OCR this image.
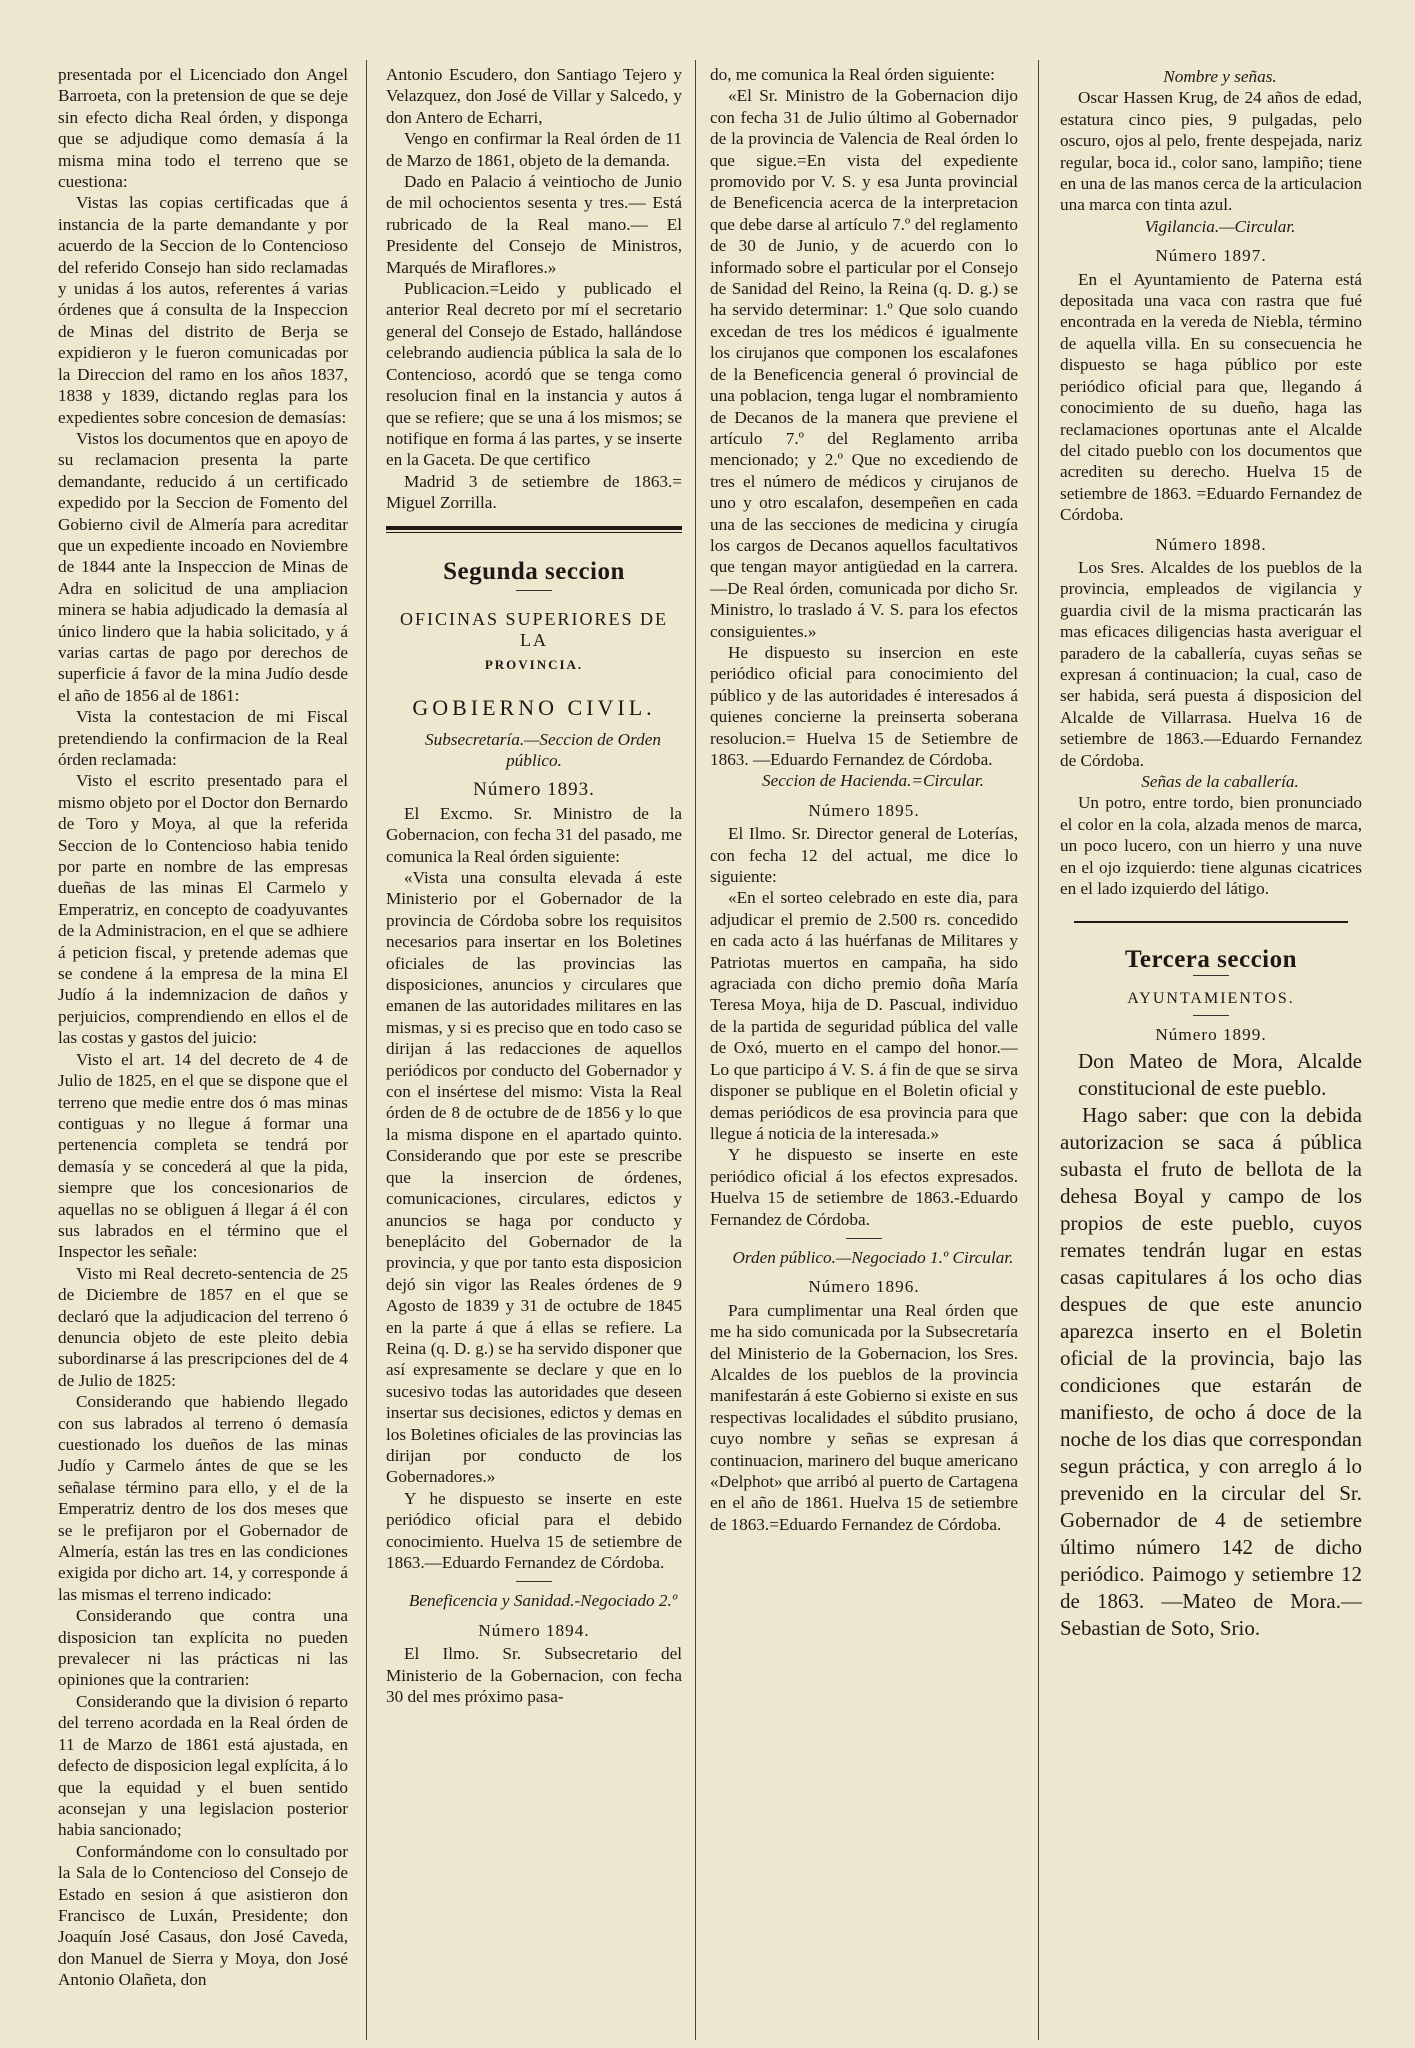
presentada por el Licenciado don Angel Barroeta, con la pretension de que se deje sin efecto dicha Real órden, y disponga que se adjudique como demasía á la misma mina todo el terreno que se cuestiona:

Vistas las copias certificadas que á instancia de la parte demandante y por acuerdo de la Seccion de lo Contencioso del referido Consejo han sido reclamadas y unidas á los autos, referentes á varias órdenes que á consulta de la Inspeccion de Minas del distrito de Berja se expidieron y le fueron comunicadas por la Direccion del ramo en los años 1837, 1838 y 1839, dictando reglas para los expedientes sobre concesion de demasías:

Vistos los documentos que en apoyo de su reclamacion presenta la parte demandante, reducido á un certificado expedido por la Seccion de Fomento del Gobierno civil de Almería para acreditar que un expediente incoado en Noviembre de 1844 ante la Inspeccion de Minas de Adra en solicitud de una ampliacion minera se habia adjudicado la demasía al único lindero que la habia solicitado, y á varias cartas de pago por derechos de superficie á favor de la mina Judío desde el año de 1856 al de 1861:

Vista la contestacion de mi Fiscal pretendiendo la confirmacion de la Real órden reclamada:

Visto el escrito presentado para el mismo objeto por el Doctor don Bernardo de Toro y Moya, al que la referida Seccion de lo Contencioso habia tenido por parte en nombre de las empresas dueñas de las minas El Carmelo y Emperatriz, en concepto de coadyuvantes de la Administracion, en el que se adhiere á peticion fiscal, y pretende ademas que se condene á la empresa de la mina El Judío á la indemnizacion de daños y perjuicios, comprendiendo en ellos el de las costas y gastos del juicio:

Visto el art. 14 del decreto de 4 de Julio de 1825, en el que se dispone que el terreno que medie entre dos ó mas minas contiguas y no llegue á formar una pertenencia completa se tendrá por demasía y se concederá al que la pida, siempre que los concesionarios de aquellas no se obliguen á llegar á él con sus labrados en el término que el Inspector les señale:

Visto mi Real decreto-sentencia de 25 de Diciembre de 1857 en el que se declaró que la adjudicacion del terreno ó denuncia objeto de este pleito debia subordinarse á las prescripciones del de 4 de Julio de 1825:

Considerando que habiendo llegado con sus labrados al terreno ó demasía cuestionado los dueños de las minas Judío y Carmelo ántes de que se les señalase término para ello, y el de la Emperatriz dentro de los dos meses que se le prefijaron por el Gobernador de Almería, están las tres en las condiciones exigida por dicho art. 14, y corresponde á las mismas el terreno indicado:

Considerando que contra una disposicion tan explícita no pueden prevalecer ni las prácticas ni las opiniones que la contrarien:

Considerando que la division ó reparto del terreno acordada en la Real órden de 11 de Marzo de 1861 está ajustada, en defecto de disposicion legal explícita, á lo que la equidad y el buen sentido aconsejan y una legislacion posterior habia sancionado;

Conformándome con lo consultado por la Sala de lo Contencioso del Consejo de Estado en sesion á que asistieron don Francisco de Luxán, Presidente; don Joaquín José Casaus, don José Caveda, don Manuel de Sierra y Moya, don José Antonio Olañeta, don

Antonio Escudero, don Santiago Tejero y Velazquez, don José de Villar y Salcedo, y don Antero de Echarri,

Vengo en confirmar la Real órden de 11 de Marzo de 1861, objeto de la demanda.

Dado en Palacio á veintiocho de Junio de mil ochocientos sesenta y tres.— Está rubricado de la Real mano.— El Presidente del Consejo de Ministros, Marqués de Miraflores.»

Publicacion.=Leido y publicado el anterior Real decreto por mí el secretario general del Consejo de Estado, hallándose celebrando audiencia pública la sala de lo Contencioso, acordó que se tenga como resolucion final en la instancia y autos á que se refiere; que se una á los mismos; se notifique en forma á las partes, y se inserte en la Gaceta. De que certifico

Madrid 3 de setiembre de 1863.= Miguel Zorrilla.

Segunda seccion
OFICINAS SUPERIORES DE LA
PROVINCIA.
GOBIERNO CIVIL.

Subsecretaría.—Seccion de Orden público.

Número 1893.

El Excmo. Sr. Ministro de la Gobernacion, con fecha 31 del pasado, me comunica la Real órden siguiente:

«Vista una consulta elevada á este Ministerio por el Gobernador de la provincia de Córdoba sobre los requisitos necesarios para insertar en los Boletines oficiales de las provincias las disposiciones, anuncios y circulares que emanen de las autoridades militares en las mismas, y si es preciso que en todo caso se dirijan á las redacciones de aquellos periódicos por conducto del Gobernador y con el insértese del mismo: Vista la Real órden de 8 de octubre de de 1856 y lo que la misma dispone en el apartado quinto. Considerando que por este se prescribe que la insercion de órdenes, comunicaciones, circulares, edictos y anuncios se haga por conducto y beneplácito del Gobernador de la provincia, y que por tanto esta disposicion dejó sin vigor las Reales órdenes de 9 Agosto de 1839 y 31 de octubre de 1845 en la parte á que á ellas se refiere. La Reina (q. D. g.) se ha servido disponer que así expresamente se declare y que en lo sucesivo todas las autoridades que deseen insertar sus decisiones, edictos y demas en los Boletines oficiales de las provincias las dirijan por conducto de los Gobernadores.»

Y he dispuesto se inserte en este periódico oficial para el debido conocimiento. Huelva 15 de setiembre de 1863.—Eduardo Fernandez de Córdoba.

Beneficencia y Sanidad.-Negociado 2.º

Número 1894.

El Ilmo. Sr. Subsecretario del Ministerio de la Gobernacion, con fecha 30 del mes próximo pasa-

do, me comunica la Real órden siguiente:

«El Sr. Ministro de la Gobernacion dijo con fecha 31 de Julio último al Gobernador de la provincia de Valencia de Real órden lo que sigue.=En vista del expediente promovido por V. S. y esa Junta provincial de Beneficencia acerca de la interpretacion que debe darse al artículo 7.º del reglamento de 30 de Junio, y de acuerdo con lo informado sobre el particular por el Consejo de Sanidad del Reino, la Reina (q. D. g.) se ha servido determinar: 1.º Que solo cuando excedan de tres los médicos é igualmente los cirujanos que componen los escalafones de la Beneficencia general ó provincial de una poblacion, tenga lugar el nombramiento de Decanos de la manera que previene el artículo 7.º del Reglamento arriba mencionado; y 2.º Que no excediendo de tres el número de médicos y cirujanos de uno y otro escalafon, desempeñen en cada una de las secciones de medicina y cirugía los cargos de Decanos aquellos facultativos que tengan mayor antigüedad en la carrera.—De Real órden, comunicada por dicho Sr. Ministro, lo traslado á V. S. para los efectos consiguientes.»

He dispuesto su insercion en este periódico oficial para conocimiento del público y de las autoridades é interesados á quienes concierne la preinserta soberana resolucion.= Huelva 15 de Setiembre de 1863. —Eduardo Fernandez de Córdoba.

Seccion de Hacienda.=Circular.

Número 1895.

El Ilmo. Sr. Director general de Loterías, con fecha 12 del actual, me dice lo siguiente:

«En el sorteo celebrado en este dia, para adjudicar el premio de 2.500 rs. concedido en cada acto á las huérfanas de Militares y Patriotas muertos en campaña, ha sido agraciada con dicho premio doña María Teresa Moya, hija de D. Pascual, individuo de la partida de seguridad pública del valle de Oxó, muerto en el campo del honor.— Lo que participo á V. S. á fin de que se sirva disponer se publique en el Boletin oficial y demas periódicos de esa provincia para que llegue á noticia de la interesada.»

Y he dispuesto se inserte en este periódico oficial á los efectos expresados. Huelva 15 de setiembre de 1863.-Eduardo Fernandez de Córdoba.

Orden público.—Negociado 1.º Circular.

Número 1896.

Para cumplimentar una Real órden que me ha sido comunicada por la Subsecretaría del Ministerio de la Gobernacion, los Sres. Alcaldes de los pueblos de la provincia manifestarán á este Gobierno si existe en sus respectivas localidades el súbdito prusiano, cuyo nombre y señas se expresan á continuacion, marinero del buque americano «Delphot» que arribó al puerto de Cartagena en el año de 1861. Huelva 15 de setiembre de 1863.=Eduardo Fernandez de Córdoba.

Nombre y señas.

Oscar Hassen Krug, de 24 años de edad, estatura cinco pies, 9 pulgadas, pelo oscuro, ojos al pelo, frente despejada, nariz regular, boca id., color sano, lampiño; tiene en una de las manos cerca de la articulacion una marca con tinta azul.

Vigilancia.—Circular.

Número 1897.

En el Ayuntamiento de Paterna está depositada una vaca con rastra que fué encontrada en la vereda de Niebla, término de aquella villa. En su consecuencia he dispuesto se haga público por este periódico oficial para que, llegando á conocimiento de su dueño, haga las reclamaciones oportunas ante el Alcalde del citado pueblo con los documentos que acrediten su derecho. Huelva 15 de setiembre de 1863. =Eduardo Fernandez de Córdoba.

Número 1898.

Los Sres. Alcaldes de los pueblos de la provincia, empleados de vigilancia y guardia civil de la misma practicarán las mas eficaces diligencias hasta averiguar el paradero de la caballería, cuyas señas se expresan á continuacion; la cual, caso de ser habida, será puesta á disposicion del Alcalde de Villarrasa. Huelva 16 de setiembre de 1863.—Eduardo Fernandez de Córdoba.

Señas de la caballería.

Un potro, entre tordo, bien pronunciado el color en la cola, alzada menos de marca, un poco lucero, con un hierro y una nuve en el ojo izquierdo: tiene algunas cicatrices en el lado izquierdo del látigo.

Tercera seccion
AYUNTAMIENTOS.
Número 1899.

Don Mateo de Mora, Alcalde constitucional de este pueblo.

Hago saber: que con la debida autorizacion se saca á pública subasta el fruto de bellota de la dehesa Boyal y campo de los propios de este pueblo, cuyos remates tendrán lugar en estas casas capitulares á los ocho dias despues de que este anuncio aparezca inserto en el Boletin oficial de la provincia, bajo las condiciones que estarán de manifiesto, de ocho á doce de la noche de los dias que correspondan segun práctica, y con arreglo á lo prevenido en la circular del Sr. Gobernador de 4 de setiembre último número 142 de dicho periódico. Paimogo y setiembre 12 de 1863. —Mateo de Mora.—Sebastian de Soto, Srio.
